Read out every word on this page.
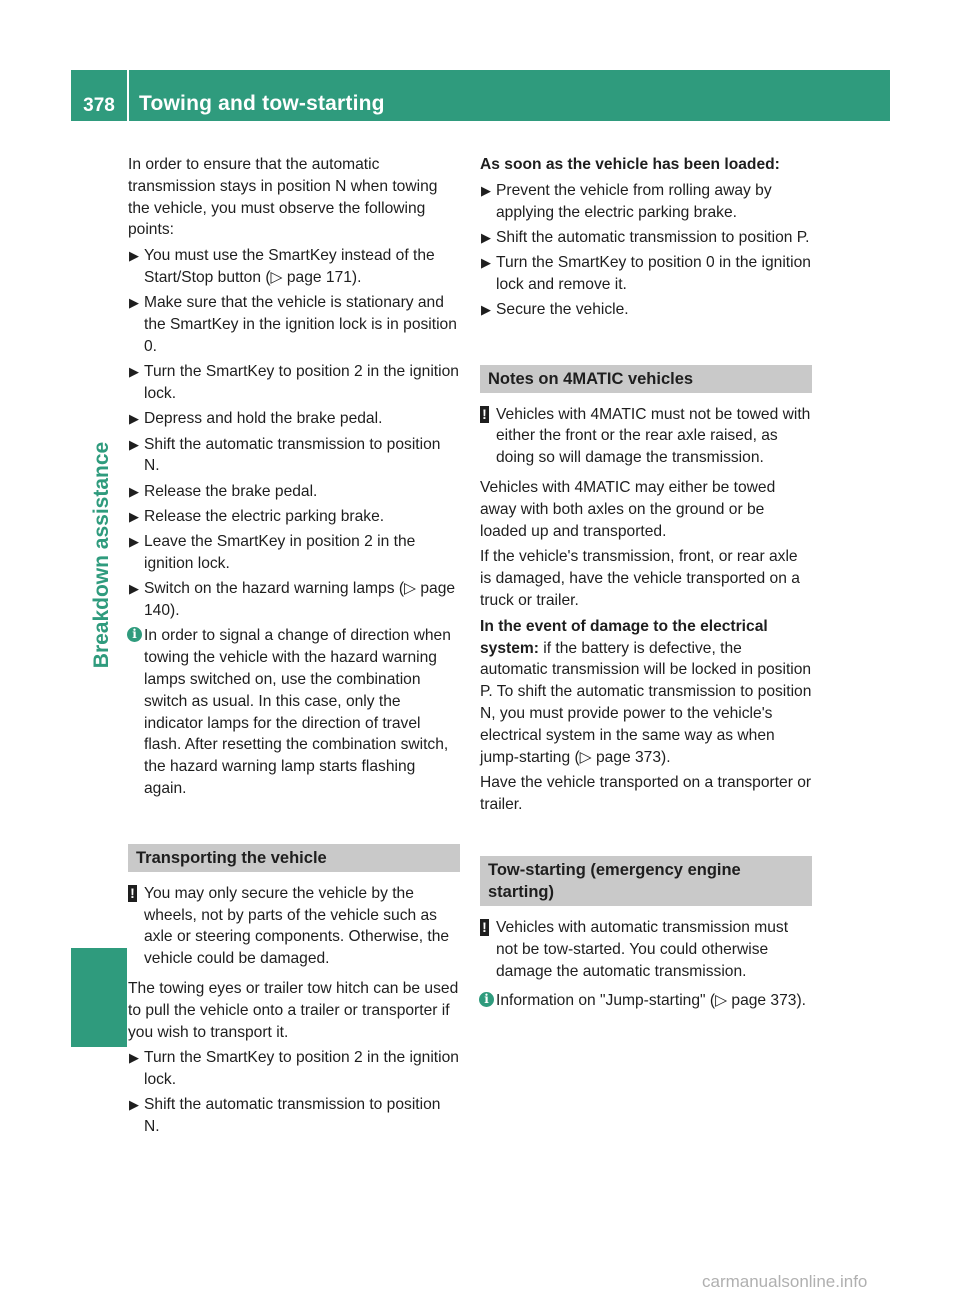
378	Towing and tow-starting
Breakdown assistance

In order to ensure that the automatic transmission stays in position N when towing the vehicle, you must observe the following points:

▶ You must use the SmartKey instead of the Start/Stop button (▷ page 171).
▶ Make sure that the vehicle is stationary and the SmartKey in the ignition lock is in position 0.
▶ Turn the SmartKey to position 2 in the ignition lock.
▶ Depress and hold the brake pedal.
▶ Shift the automatic transmission to position N.
▶ Release the brake pedal.
▶ Release the electric parking brake.
▶ Leave the SmartKey in position 2 in the ignition lock.
▶ Switch on the hazard warning lamps (▷ page 140).
i In order to signal a change of direction when towing the vehicle with the hazard warning lamps switched on, use the combination switch as usual. In this case, only the indicator lamps for the direction of travel flash. After resetting the combination switch, the hazard warning lamp starts flashing again.
Transporting the vehicle
! You may only secure the vehicle by the wheels, not by parts of the vehicle such as axle or steering components. Otherwise, the vehicle could be damaged.

The towing eyes or trailer tow hitch can be used to pull the vehicle onto a trailer or transporter if you wish to transport it.

▶ Turn the SmartKey to position 2 in the ignition lock.
▶ Shift the automatic transmission to position N.

As soon as the vehicle has been loaded:

▶ Prevent the vehicle from rolling away by applying the electric parking brake.
▶ Shift the automatic transmission to position P.
▶ Turn the SmartKey to position 0 in the ignition lock and remove it.
▶ Secure the vehicle.
Notes on 4MATIC vehicles
! Vehicles with 4MATIC must not be towed with either the front or the rear axle raised, as doing so will damage the transmission.

Vehicles with 4MATIC may either be towed away with both axles on the ground or be loaded up and transported.

If the vehicle's transmission, front, or rear axle is damaged, have the vehicle transported on a truck or trailer.

In the event of damage to the electrical system: if the battery is defective, the automatic transmission will be locked in position P. To shift the automatic transmission to position N, you must provide power to the vehicle's electrical system in the same way as when jump-starting (▷ page 373).

Have the vehicle transported on a transporter or trailer.

Tow-starting (emergency engine starting)
! Vehicles with automatic transmission must not be tow-started. You could otherwise damage the automatic transmission.
i Information on "Jump-starting" (▷ page 373).
carmanualsonline.info
